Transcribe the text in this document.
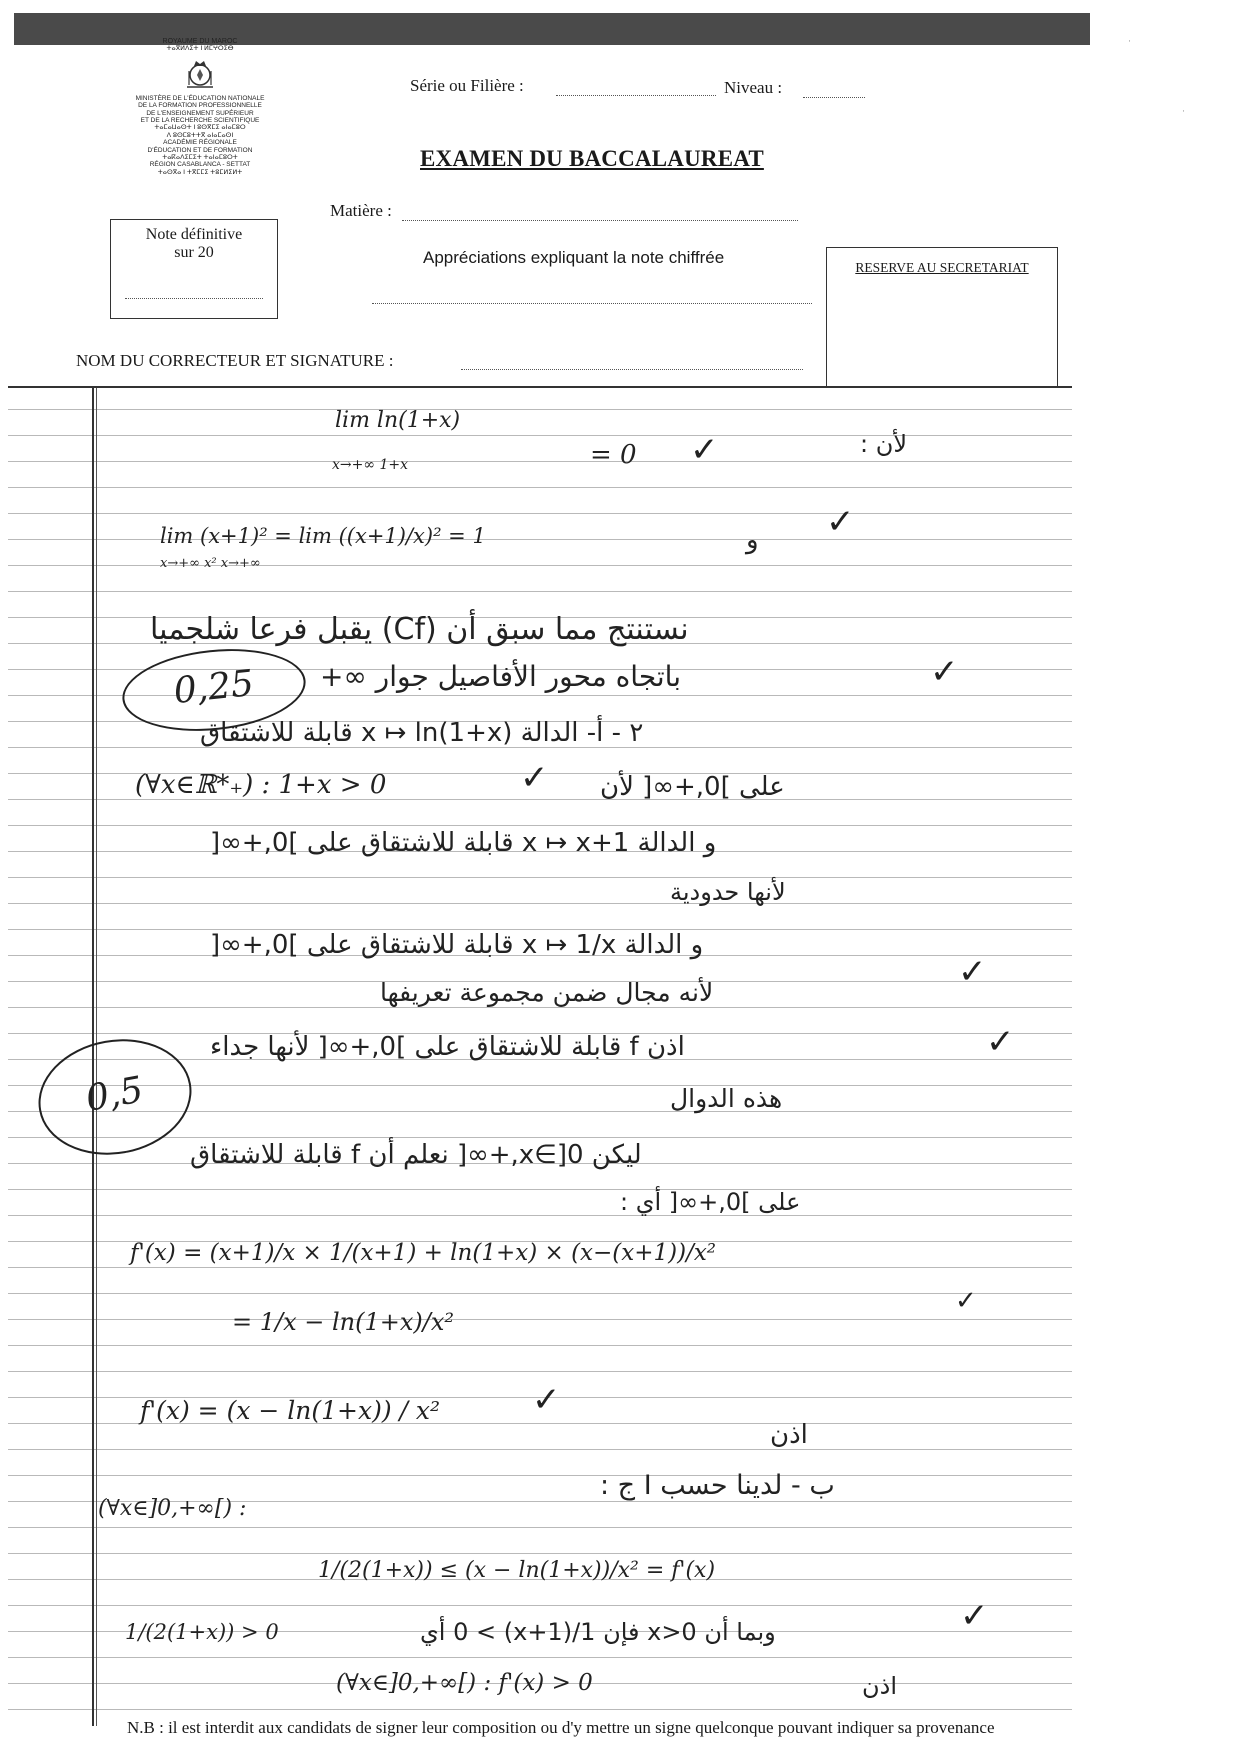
ROYAUME DU MAROC
ⵜⴰⴳⵍⴷⵉⵜ ⵏ ⵍⵎⵖⵔⵉⴱ
MINISTÈRE DE L'ÉDUCATION NATIONALE
DE LA FORMATION PROFESSIONNELLE
DE L'ENSEIGNEMENT SUPÉRIEUR
ET DE LA RECHERCHE SCIENTIFIQUE
ⵜⴰⵎⴰⵡⴰⵙⵜ ⵏ ⵓⵙⴳⵎⵉ ⴰⵏⴰⵎⵓⵔ
ⴷ ⵓⵙⵎⵓⵜⵜⴳ ⴰⵏⴰⵎⴰⵙⵏ
ACADÉMIE RÉGIONALE
D'ÉDUCATION ET DE FORMATION
ⵜⴰⴽⴰⴷⵉⵎⵉⵜ ⵜⴰⵏⴰⵎⵓⵔⵜ
RÉGION CASABLANCA - SETTAT
ⵜⴰⵙⴳⴰ ⵏ ⵜⴳⵎⵎⵉ ⵜⵓⵎⵍⵉⵍⵜ
Note définitive
sur 20
Série ou Filière :	Niveau :
EXAMEN DU BACCALAUREAT
Matière :
Appréciations expliquant la note chiffrée
RESERVE AU SECRETARIAT
NOM DU CORRECTEUR ET SIGNATURE :
lim ln(1+x)
x→+∞ 1+x	= 0 ✓	لأن :
lim (x+1)² = lim ((x+1)/x)² = 1
x→+∞ x² x→+∞
و ✓
نستنتج مما سبق أن (Cf) يقبل فرعا شلجميا
باتجاه محور الأفاصيل جوار ∞+	✓
0,25
٢ - أ- الدالة x ↦ ln(1+x) قابلة للاشتقاق
(∀x∈ℝ*₊) : 1+x > 0	✓ على ]0,+∞[ لأن
و الدالة x ↦ x+1 قابلة للاشتقاق على ]0,+∞[
لأنها حدودية
و الدالة x ↦ 1/x قابلة للاشتقاق على ]0,+∞[
✓
لأنه مجال ضمن مجموعة تعريفها
اذن f قابلة للاشتقاق على ]0,+∞[ لأنها جداء	✓
0,5	هذه الدوال
ليكن x∈]0,+∞[ نعلم أن f قابلة للاشتقاق
على ]0,+∞[ أي :
f'(x) = (x+1)/x × 1/(x+1) + ln(1+x) × (x−(x+1))/x²
= 1/x − ln(1+x)/x²
✓
f'(x) = (x − ln(1+x)) / x²	✓
اذن
ب - لدينا حسب I ج :
(∀x∈]0,+∞[) :
1/(2(1+x)) ≤ (x − ln(1+x))/x² = f'(x)
1/(2(1+x)) > 0	وبما أن x>0 فإن 1/(1+x) > 0 أي	✓
(∀x∈]0,+∞[) : f'(x) > 0	اذن
N.B : il est interdit aux candidats de signer leur composition ou d'y mettre un signe quelconque pouvant indiquer sa provenance
·
·
